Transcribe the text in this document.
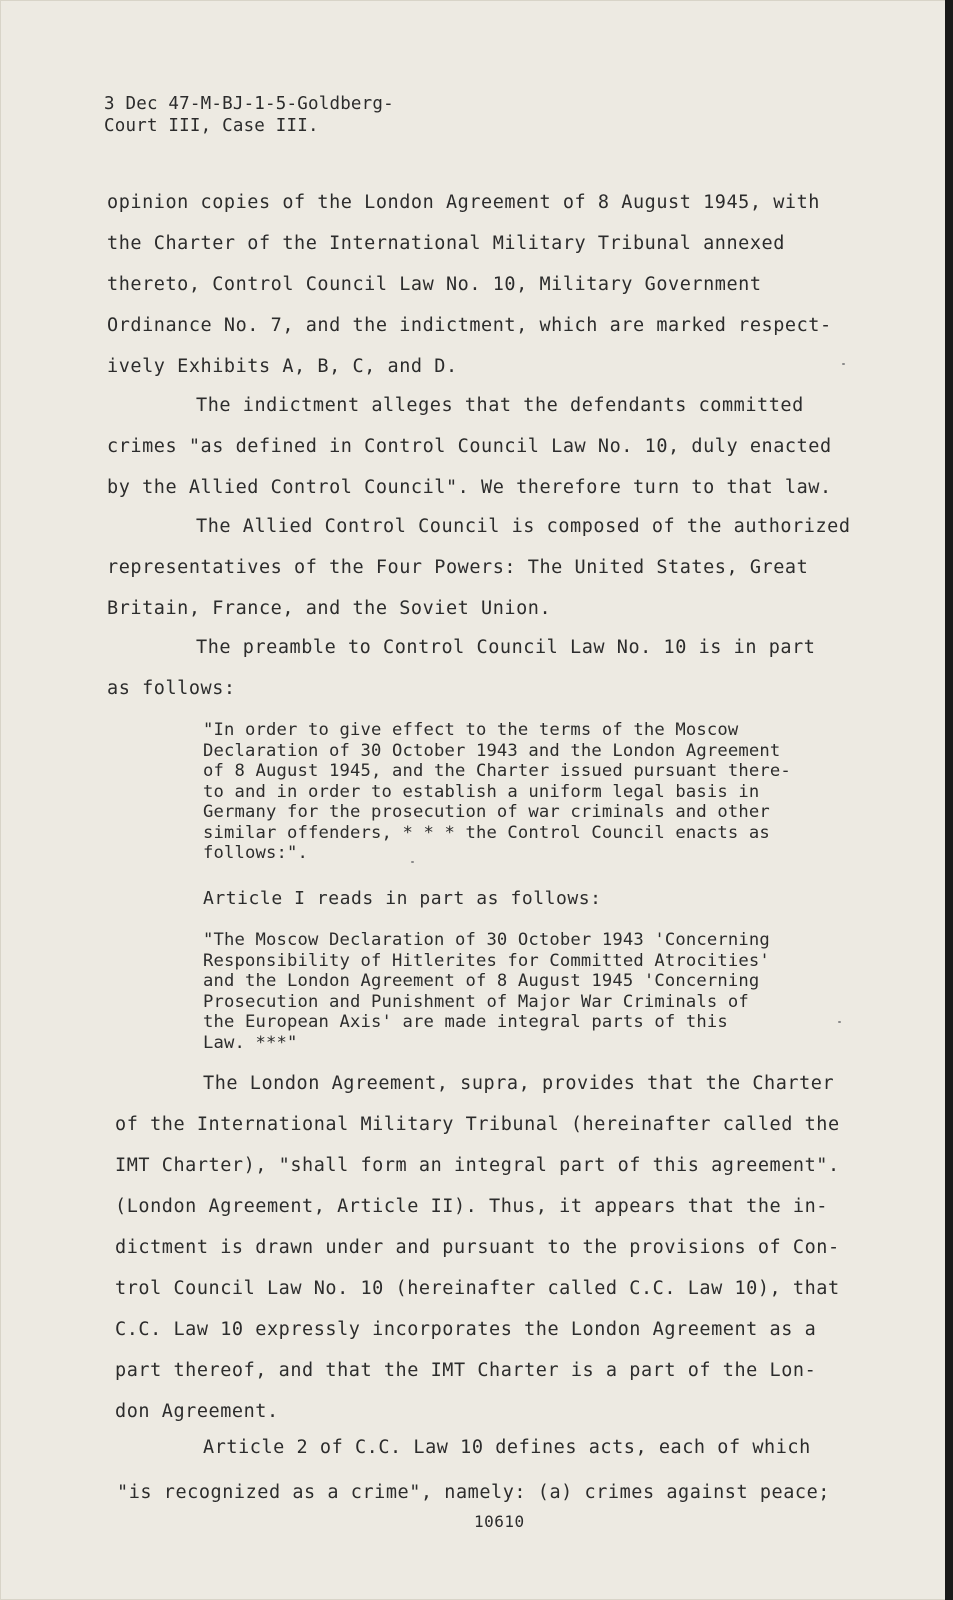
3 Dec 47-M-BJ-1-5-Goldberg-
Court III, Case III.
opinion copies of the London Agreement of 8 August 1945, with
the Charter of the International Military Tribunal annexed
thereto, Control Council Law No. 10, Military Government
Ordinance No. 7, and the indictment, which are marked respect-
ively Exhibits A, B, C, and D.
The indictment alleges that the defendants committed
crimes "as defined in Control Council Law No. 10, duly enacted
by the Allied Control Council". We therefore turn to that law.
The Allied Control Council is composed of the authorized
representatives of the Four Powers: The United States, Great
Britain, France, and the Soviet Union.
The preamble to Control Council Law No. 10 is in part
as follows:
"In order to give effect to the terms of the Moscow
Declaration of 30 October 1943 and the London Agreement
of 8 August 1945, and the Charter issued pursuant there-
to and in order to establish a uniform legal basis in
Germany for the prosecution of war criminals and other
similar offenders, * * * the Control Council enacts as
follows:".
Article I reads in part as follows:
"The Moscow Declaration of 30 October 1943 'Concerning
Responsibility of Hitlerites for Committed Atrocities'
and the London Agreement of 8 August 1945 'Concerning
Prosecution and Punishment of Major War Criminals of
the European Axis' are made integral parts of this
Law. ***"
The London Agreement, supra, provides that the Charter
of the International Military Tribunal (hereinafter called the
IMT Charter), "shall form an integral part of this agreement".
(London Agreement, Article II). Thus, it appears that the in-
dictment is drawn under and pursuant to the provisions of Con-
trol Council Law No. 10 (hereinafter called C.C. Law 10), that
C.C. Law 10 expressly incorporates the London Agreement as a
part thereof, and that the IMT Charter is a part of the Lon-
don Agreement.
Article 2 of C.C. Law 10 defines acts, each of which
"is recognized as a crime", namely: (a) crimes against peace;
10610
